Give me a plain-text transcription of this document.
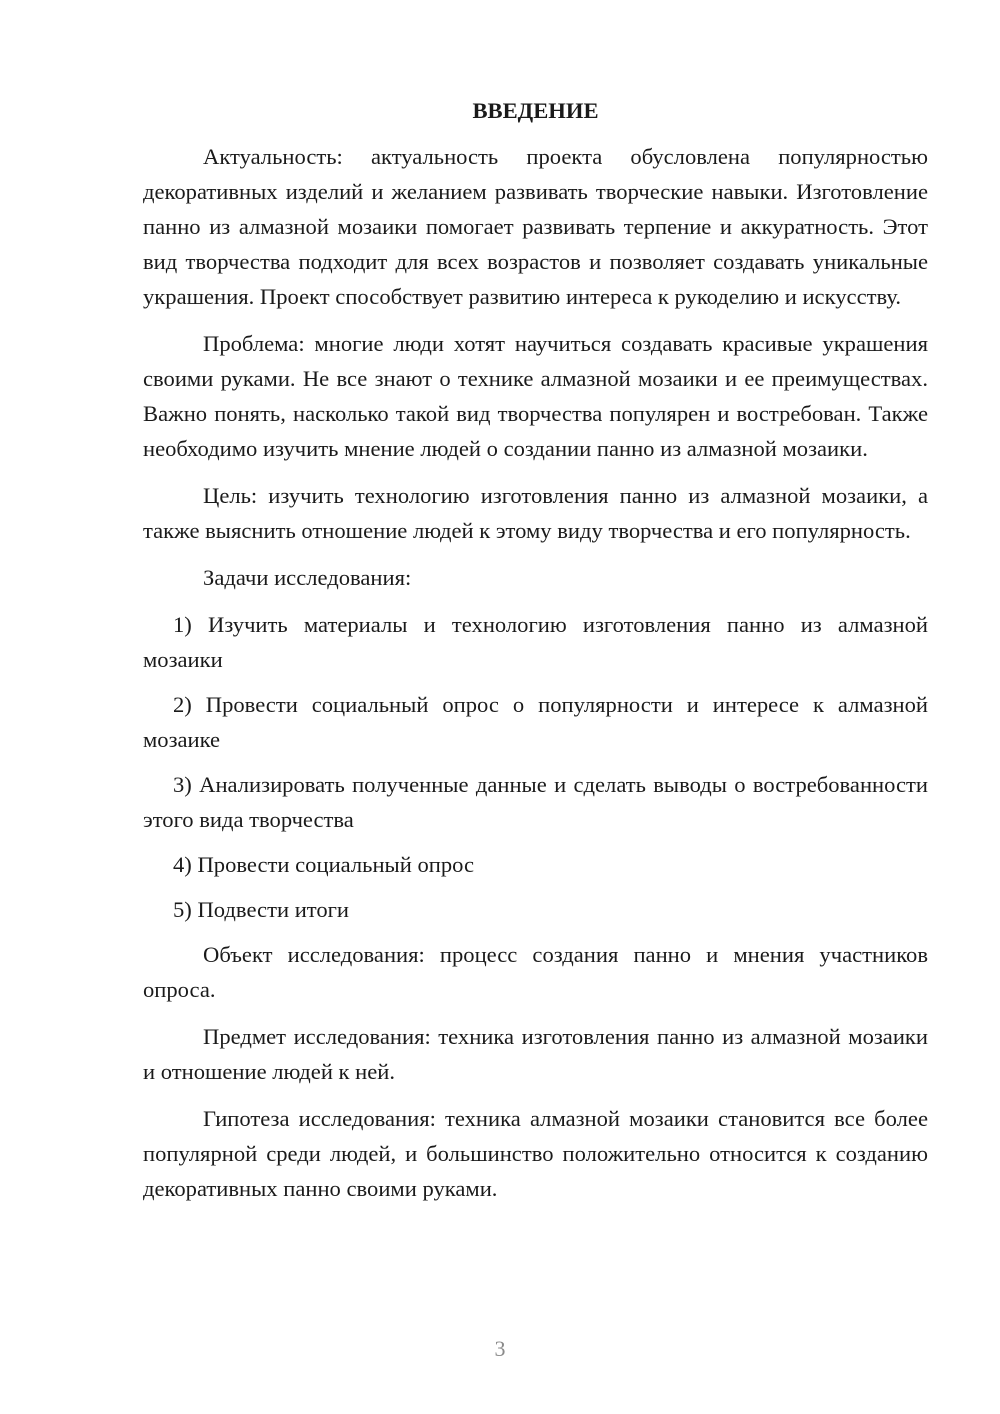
ВВЕДЕНИЕ

Актуальность: актуальность проекта обусловлена популярностью декоративных изделий и желанием развивать творческие навыки. Изготовление панно из алмазной мозаики помогает развивать терпение и аккуратность. Этот вид творчества подходит для всех возрастов и позволяет создавать уникальные украшения. Проект способствует развитию интереса к рукоделию и искусству.

Проблема: многие люди хотят научиться создавать красивые украшения своими руками. Не все знают о технике алмазной мозаики и ее преимуществах. Важно понять, насколько такой вид творчества популярен и востребован. Также необходимо изучить мнение людей о создании панно из алмазной мозаики.

Цель: изучить технологию изготовления панно из алмазной мозаики, а также выяснить отношение людей к этому виду творчества и его популярность.

Задачи исследования:

1) Изучить материалы и технологию изготовления панно из алмазной мозаики

2) Провести социальный опрос о популярности и интересе к алмазной мозаике

3) Анализировать полученные данные и сделать выводы о востребованности этого вида творчества

4) Провести социальный опрос

5) Подвести итоги

Объект исследования: процесс создания панно и мнения участников опроса.

Предмет исследования: техника изготовления панно из алмазной мозаики и отношение людей к ней.

Гипотеза исследования: техника алмазной мозаики становится все более популярной среди людей, и большинство положительно относится к созданию декоративных панно своими руками.

3
